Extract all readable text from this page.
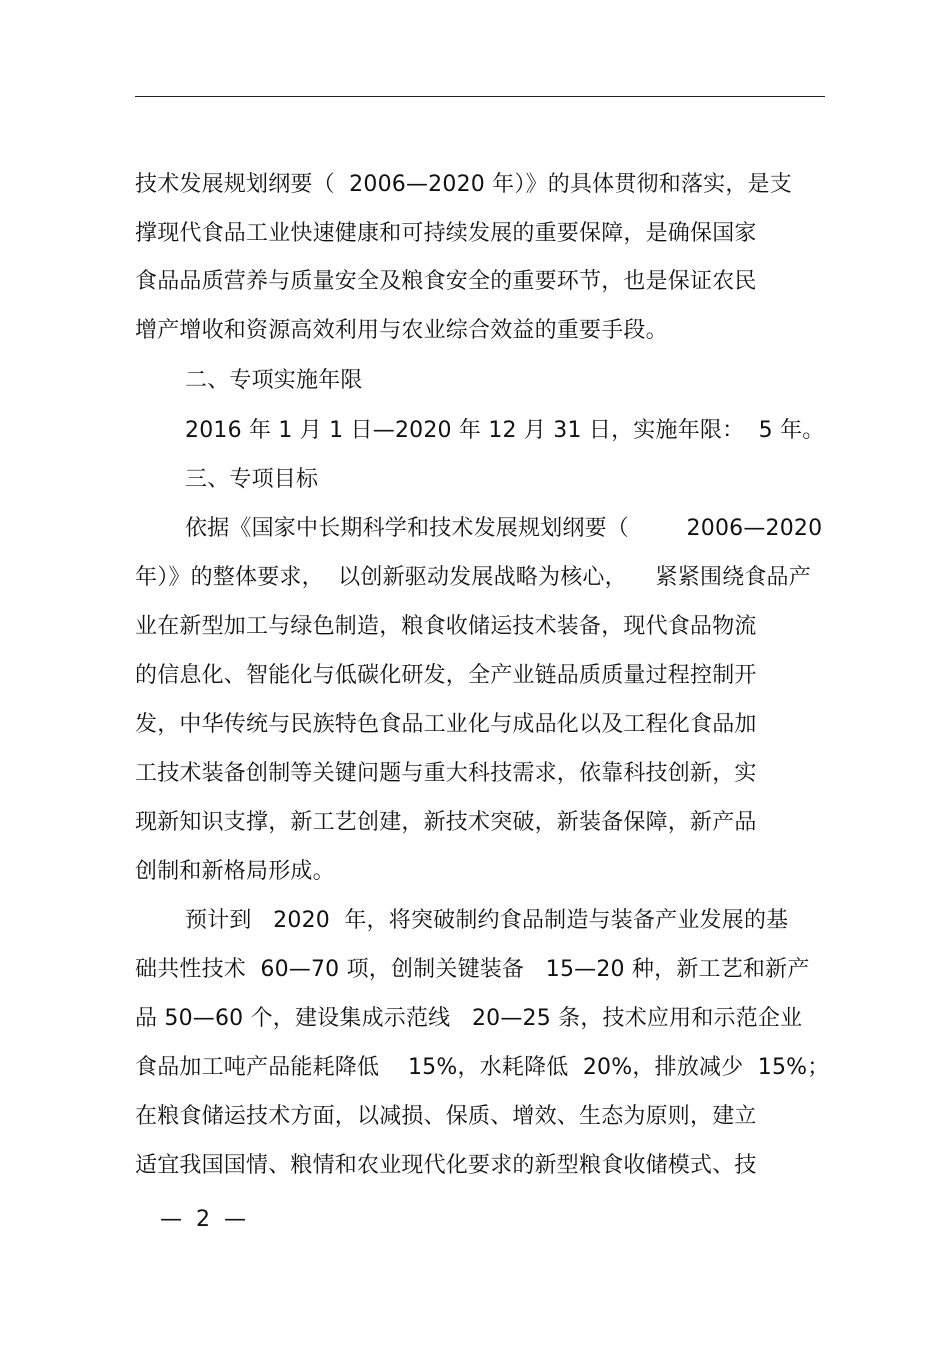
技术发展规划纲要（  2006—2020 年）》的具体贯彻和落实，是支
撑现代食品工业快速健康和可持续发展的重要保障，是确保国家
食品品质营养与质量安全及粮食安全的重要环节，也是保证农民
增产增收和资源高效利用与农业综合效益的重要手段。
二、专项实施年限
2016 年 1 月 1 日—2020 年 12 月 31 日，实施年限：  5 年。
三、专项目标
依据《国家中长期科学和技术发展规划纲要（        2006—2020
年）》的整体要求，  以创新驱动发展战略为核心，    紧紧围绕食品产
业在新型加工与绿色制造，粮食收储运技术装备，现代食品物流
的信息化、智能化与低碳化研发，全产业链品质质量过程控制开
发，中华传统与民族特色食品工业化与成品化以及工程化食品加
工技术装备创制等关键问题与重大科技需求，依靠科技创新，实
现新知识支撑，新工艺创建，新技术突破，新装备保障，新产品
创制和新格局形成。
预计到   2020  年，将突破制约食品制造与装备产业发展的基
础共性技术  60—70 项，创制关键装备   15—20 种，新工艺和新产
品 50—60 个，建设集成示范线   20—25 条，技术应用和示范企业
食品加工吨产品能耗降低    15%，水耗降低  20%，排放减少  15%；
在粮食储运技术方面，以减损、保质、增效、生态为原则，建立
适宜我国国情、粮情和农业现代化要求的新型粮食收储模式、技
—  2  —
